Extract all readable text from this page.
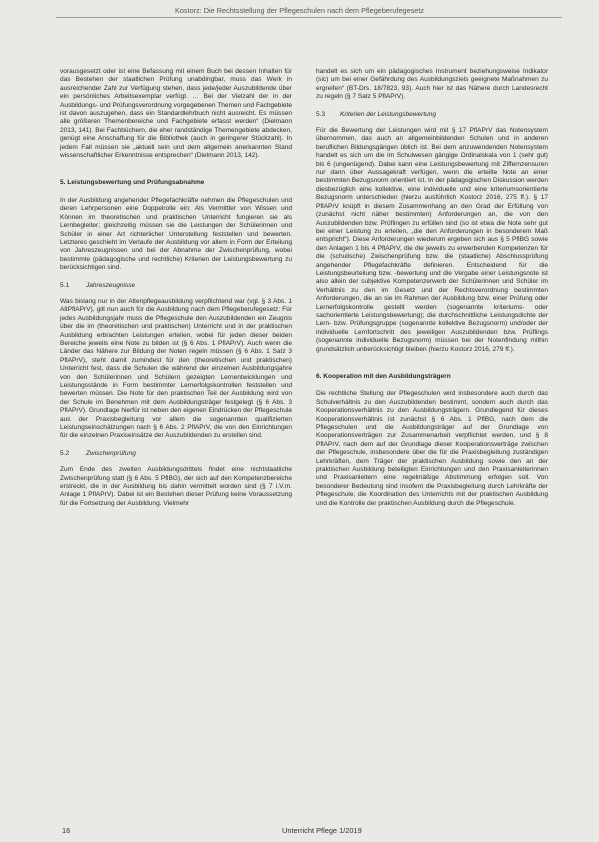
Kostorz: Die Rechtsstellung der Pflegeschulen nach dem Pflegeberufegesetz

vorausgesetzt oder ist eine Befassung mit einem Buch bei dessen Inhalten für das Bestehen der staatlichen Prüfung unabdingbar, muss das Werk in ausreichender Zahl zur Verfügung stehen, dass jede/jeder Auszubildende über ein persönliches Arbeitsexemplar verfügt. … Bei der Vielzahl der in der Ausbildungs- und Prüfungsverordnung vorgegebenen Themen und Fachgebiete ist davon auszugehen, dass ein Standardlehrbuch nicht ausreicht. Es müssen alle größeren Themenbereiche und Fachgebiete erfasst werden“ (Dielmann 2013, 141). Bei Fachbüchern, die eher randständige Themengebiete abdecken, genügt eine Anschaffung für die Bibliothek (auch in geringerer Stückzahl). In jedem Fall müssen sie „aktuell sein und dem allgemein anerkannten Stand wissenschaftlicher Erkenntnisse entsprechen“ (Dielmann 2013, 142).

5. Leistungsbewertung und Prüfungsabnahme

In der Ausbildung angehender Pflegefachkräfte nehmen die Pflegeschulen und deren Lehrpersonen eine Doppelrolle ein: Als Vermittler von Wissen und Können im theoretischen und praktischen Unterricht fungieren sie als Lernbegleiter; gleichzeitig müssen sie die Leistungen der Schülerinnen und Schüler in einer Art richterlicher Unterstellung feststellen und bewerten. Letzteres geschieht im Verlaufe der Ausbildung vor allem in Form der Erteilung von Jahreszeugnissen und bei der Abnahme der Zwischenprüfung, wobei bestimmte (pädagogische und rechtliche) Kriterien der Leistungsbewertung zu berücksichtigen sind.

5.1	Jahreszeugnisse

Was bislang nur in der Altenpflegeausbildung verpflichtend war (vgl. § 3 Abs. 1 AltPflAPrV), gilt nun auch für die Ausbildung nach dem Pflegeberufegesetz: Für jedes Ausbildungsjahr muss die Pflegeschule den Auszubildenden ein Zeugnis über die im (theoretischen und praktischen) Unterricht und in der praktischen Ausbildung erbrachten Leistungen erteilen, wobei für jeden dieser beiden Bereiche jeweils eine Note zu bilden ist (§ 6 Abs. 1 PflAPrV). Auch wenn die Länder das Nähere zur Bildung der Noten regeln müssen (§ 6 Abs. 1 Satz 3 PflAPrV), steht damit zumindest für den (theoretischen und praktischen) Unterricht fest, dass die Schulen die während der einzelnen Ausbildungsjahre von den Schülerinnen und Schülern gezeigten Lernentwicklungen und Leistungsstände in Form bestimmter Lernerfolgskontrollen feststellen und bewerten müssen. Die Note für den praktischen Teil der Ausbildung wird von der Schule im Benehmen mit dem Ausbildungsträger festgelegt (§ 6 Abs. 3 PflAPrV). Grundlage hierfür ist neben den eigenen Eindrücken der Pflegeschule aus der Praxisbegleitung vor allem die sogenannten qualifizierten Leistungseinschätzungen nach § 6 Abs. 2 PflAPrV, die von den Einrichtungen für die einzelnen Praxiseinsätze der Auszubildenden zu erstellen sind.

5.2	Zwischenprüfung

Zum Ende des zweiten Ausbildungsdrittels findet eine nichtstaatliche Zwischenprüfung statt (§ 6 Abs. 5 PflBG), der sich auf den Kompetenzbereiche erstreckt, die in der Ausbildung bis dahin vermittelt worden sind (§ 7 i.V.m. Anlage 1 PflAPrV). Dabei ist ein Bestehen dieser Prüfung keine Voraussetzung für die Fortsetzung der Ausbildung. Vielmehr

handelt es sich um ein pädagogisches Instrument beziehungsweise Indikator (sic) um bei einer Gefährdung des Ausbildungsziels geeignete Maßnahmen zu ergreifen“ (BT-Drs. 18/7823, 93). Auch hier ist das Nähere durch Landesrecht zu regeln (§ 7 Satz 5 PflAPrV).

5.3 Kriterien der Leistungsbewertung

Für die Bewertung der Leistungen wird mit § 17 PflAPrV das Notensystem übernommen, das auch an allgemeinbildenden Schulen und in anderen beruflichen Bildungsgängen üblich ist. Bei dem anzuwendenden Notensystem handelt es sich um die im Schulwesen gängige Ordinalskala von 1 (sehr gut) bis 6 (ungenügend). Dabei kann eine Leistungsbewertung mit Ziffernzensuren nur dann über Aussagekraft verfügen, wenn die erteilte Note an einer bestimmten Bezugsnorm orientiert ist. In der pädagogischen Diskussion werden diesbezüglich eine kollektive, eine individuelle und eine kriteriumsorientierte Bezugsnorm unterschieden (hierzu ausführlich Kostorz 2016, 275 ff.). § 17 PflAPrV knüpft in diesem Zusammenhang an den Grad der Erfüllung von (zunächst nicht näher bestimmten) Anforderungen an, die von den Auszubildenden bzw. Prüflingen zu erfüllen sind (so ist etwa die Note sehr gut bei einer Leistung zu erteilen, „die den Anforderungen in besonderem Maß entspricht“). Diese Anforderungen wiederum ergeben sich aus § 5 PflBG sowie den Anlagen 1 bis 4 PflAPrV, die die jeweils zu erwerbenden Kompetenzen für die (schulische) Zwischenprüfung bzw. die (staatliche) Abschlussprüfung angehender Pflegefachkräfte definieren. Entscheidend für die Leistungsbeurteilung bzw. -bewertung und die Vergabe einer Leistungsnote ist also allein der subjektive Kompetenzerwerb der Schülerinnen und Schüler im Verhältnis zu den im Gesetz und der Rechtsverordnung bestimmten Anforderungen, die an sie im Rahmen der Ausbildung bzw. einer Prüfung oder Lernerfolgskontrolle gestellt werden (sogenannte kriteriums- oder sachorientierte Leistungsbewertung); die durchschnittliche Leistungsdichte der Lern- bzw. Prüfungsgruppe (sogenannte kollektive Bezugsnorm) und/oder der individuelle Lernfortschritt des jeweiligen Auszubildenden bzw. Prüflings (sogenannte individuelle Bezugsnorm) müssen bei der Notenfindung mithin grundsätzlich unberücksichtigt bleiben (hierzu Kostorz 2016, 279 ff.).

6. Kooperation mit den Ausbildungsträgern

Die rechtliche Stellung der Pflegeschulen wird insbesondere auch durch das Schulverhältnis zu den Auszubildenden bestimmt, sondern auch durch das Kooperationsverhältnis zu den Ausbildungsträgern. Grundlegend für dieses Kooperationsverhältnis ist zunächst § 6 Abs. 1 PflBG, nach dem die Pflegeschulen und die Ausbildungsträger auf der Grundlage von Kooperationsverträgen zur Zusammenarbeit verpflichtet werden, und § 8 PflAPrV, nach dem auf der Grundlage dieser Kooperationsverträge zwischen der Pflegeschule, insbesondere über die für die Praxisbegleitung zuständigen Lehrkräften, dem Träger der praktischen Ausbildung sowie den an der praktischen Ausbildung beteiligten Einrichtungen und den Praxisanleiterinnen und Praxisanleitern eine regelmäßige Abstimmung erfolgen soll. Von besonderer Bedeutung sind insofern die Praxisbegleitung durch Lehrkräfte der Pflegeschule, die Koordination des Unterrichts mit der praktischen Ausbildung und die Kontrolle der praktischen Ausbildung durch die Pflegeschule.

16	Unterricht Pflege 1/2019
